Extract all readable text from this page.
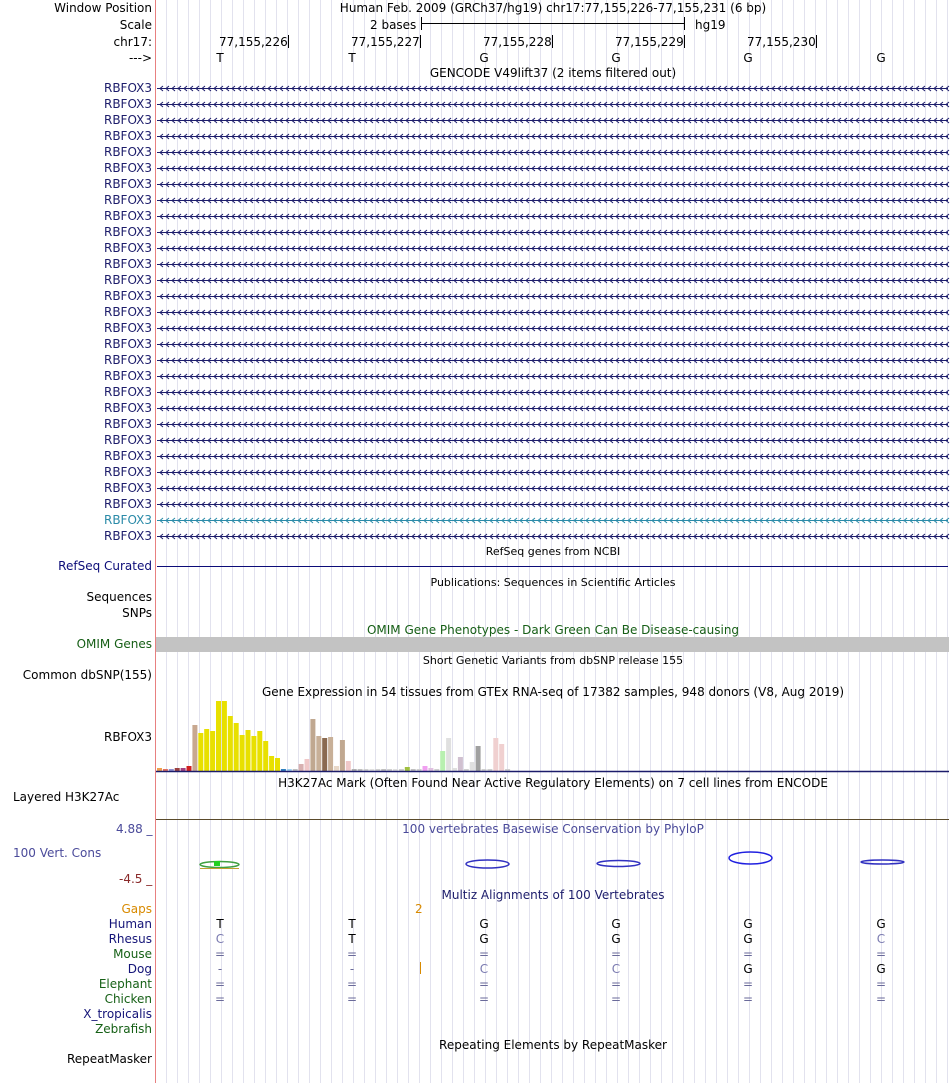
Window Position	Human Feb. 2009 (GRCh37/hg19) chr17:77,155,226-77,155,231 (6 bp)
Scale	2 bases	hg19
chr17:	77,155,226	77,155,227	77,155,228	77,155,229	77,155,230
--->	T	T	G	G	G	G
GENCODE V49lift37 (2 items filtered out)
RBFOX3
RBFOX3
RBFOX3
RBFOX3
RBFOX3
RBFOX3
RBFOX3
RBFOX3
RBFOX3
RBFOX3
RBFOX3
RBFOX3
RBFOX3
RBFOX3
RBFOX3
RBFOX3
RBFOX3
RBFOX3
RBFOX3
RBFOX3
RBFOX3
RBFOX3
RBFOX3
RBFOX3
RBFOX3
RBFOX3
RBFOX3
RBFOX3
RBFOX3
RefSeq genes from NCBI
RefSeq Curated
Publications: Sequences in Scientific Articles
Sequences
SNPs
OMIM Gene Phenotypes - Dark Green Can Be Disease-causing
OMIM Genes
Short Genetic Variants from dbSNP release 155
Common dbSNP(155)
Gene Expression in 54 tissues from GTEx RNA-seq of 17382 samples, 948 donors (V8, Aug 2019)
RBFOX3
H3K27Ac Mark (Often Found Near Active Regulatory Elements) on 7 cell lines from ENCODE
Layered H3K27Ac
4.88 _	100 vertebrates Basewise Conservation by PhyloP
100 Vert. Cons
-4.5 _
Multiz Alignments of 100 Vertebrates
Gaps	2
Human	T	T	G	G	G	G
Rhesus	C	T	G	G	G	C
Mouse	=	=	=	=	=	=
Dog	-	-	C	C	G	G
Elephant	=	=	=	=	=	=
Chicken	=	=	=	=	=	=
X_tropicalis
Zebrafish
Repeating Elements by RepeatMasker
RepeatMasker
